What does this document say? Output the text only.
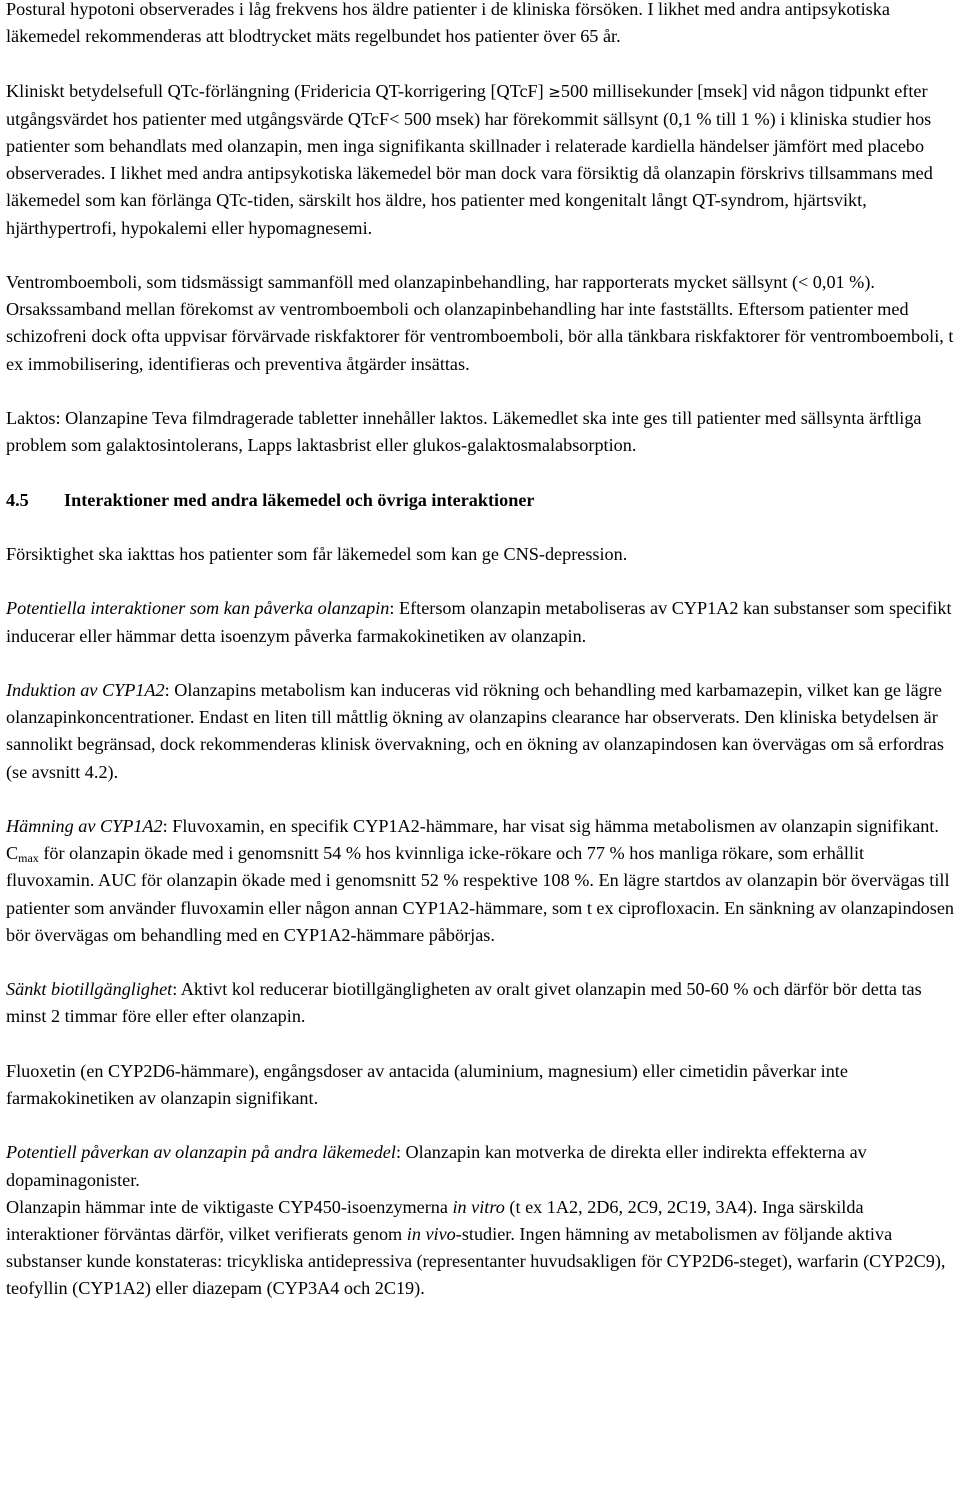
Postural hypotoni observerades i låg frekvens hos äldre patienter i de kliniska försöken. I likhet med andra antipsykotiska läkemedel rekommenderas att blodtrycket mäts regelbundet hos patienter över 65 år.

Kliniskt betydelsefull QTc-förlängning (Fridericia QT-korrigering [QTcF] ≥500 millisekunder [msek] vid någon tidpunkt efter utgångsvärdet hos patienter med utgångsvärde QTcF< 500 msek) har förekommit sällsynt (0,1 % till 1 %) i kliniska studier hos patienter som behandlats med olanzapin, men inga signifikanta skillnader i relaterade kardiella händelser jämfört med placebo observerades. I likhet med andra antipsykotiska läkemedel bör man dock vara försiktig då olanzapin förskrivs tillsammans med läkemedel som kan förlänga QTc-tiden, särskilt hos äldre, hos patienter med kongenitalt långt QT-syndrom, hjärtsvikt, hjärthypertrofi, hypokalemi eller hypomagnesemi.

Ventromboemboli, som tidsmässigt sammanföll med olanzapinbehandling, har rapporterats mycket sällsynt (< 0,01 %). Orsakssamband mellan förekomst av ventromboemboli och olanzapinbehandling har inte fastställts. Eftersom patienter med schizofreni dock ofta uppvisar förvärvade riskfaktorer för ventromboemboli, bör alla tänkbara riskfaktorer för ventromboemboli, t ex immobilisering, identifieras och preventiva åtgärder insättas.

Laktos: Olanzapine Teva filmdragerade tabletter innehåller laktos. Läkemedlet ska inte ges till patienter med sällsynta ärftliga problem som galaktosintolerans, Lapps laktasbrist eller glukos-galaktosmalabsorption.

4.5 Interaktioner med andra läkemedel och övriga interaktioner

Försiktighet ska iakttas hos patienter som får läkemedel som kan ge CNS-depression.

Potentiella interaktioner som kan påverka olanzapin: Eftersom olanzapin metaboliseras av CYP1A2 kan substanser som specifikt inducerar eller hämmar detta isoenzym påverka farmakokinetiken av olanzapin.

Induktion av CYP1A2: Olanzapins metabolism kan induceras vid rökning och behandling med karbamazepin, vilket kan ge lägre olanzapinkoncentrationer. Endast en liten till måttlig ökning av olanzapins clearance har observerats. Den kliniska betydelsen är sannolikt begränsad, dock rekommenderas klinisk övervakning, och en ökning av olanzapindosen kan övervägas om så erfordras (se avsnitt 4.2).

Hämning av CYP1A2: Fluvoxamin, en specifik CYP1A2-hämmare, har visat sig hämma metabolismen av olanzapin signifikant. $C_{max}$ för olanzapin ökade med i genomsnitt 54 % hos kvinnliga icke-rökare och 77 % hos manliga rökare, som erhållit fluvoxamin. AUC för olanzapin ökade med i genomsnitt 52 % respektive 108 %. En lägre startdos av olanzapin bör övervägas till patienter som använder fluvoxamin eller någon annan CYP1A2-hämmare, som t ex ciprofloxacin. En sänkning av olanzapindosen bör övervägas om behandling med en CYP1A2-hämmare påbörjas.

Sänkt biotillgänglighet: Aktivt kol reducerar biotillgängligheten av oralt givet olanzapin med 50-60 % och därför bör detta tas minst 2 timmar före eller efter olanzapin.

Fluoxetin (en CYP2D6-hämmare), engångsdoser av antacida (aluminium, magnesium) eller cimetidin påverkar inte farmakokinetiken av olanzapin signifikant.

Potentiell påverkan av olanzapin på andra läkemedel: Olanzapin kan motverka de direkta eller indirekta effekterna av dopaminagonister.

Olanzapin hämmar inte de viktigaste CYP450-isoenzymerna in vitro (t ex 1A2, 2D6, 2C9, 2C19, 3A4). Inga särskilda interaktioner förväntas därför, vilket verifierats genom in vivo-studier. Ingen hämning av metabolismen av följande aktiva substanser kunde konstateras: tricykliska antidepressiva (representanter huvudsakligen för CYP2D6-steget), warfarin (CYP2C9), teofyllin (CYP1A2) eller diazepam (CYP3A4 och 2C19).
